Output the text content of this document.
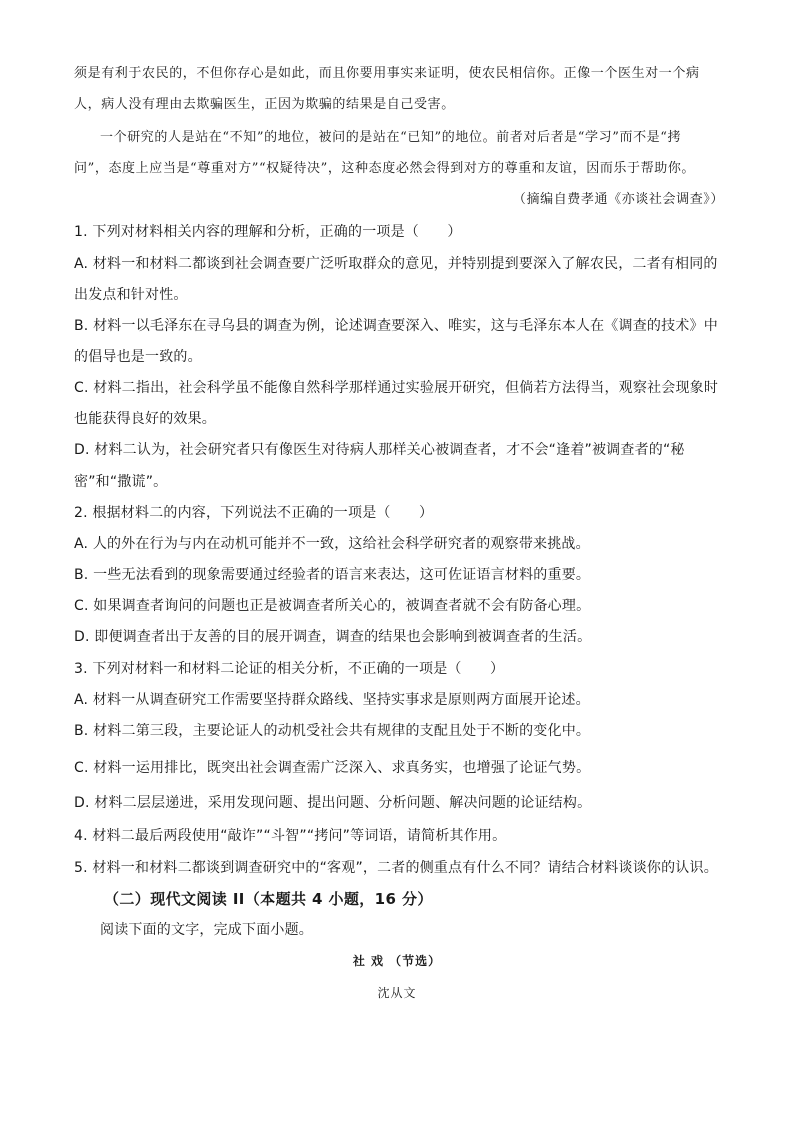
须是有利于农民的，不但你存心是如此，而且你要用事实来证明，使农民相信你。正像一个医生对一个病
人，病人没有理由去欺骗医生，正因为欺骗的结果是自己受害。
一个研究的人是站在“不知”的地位，被问的是站在“已知”的地位。前者对后者是“学习”而不是“拷
问”，态度上应当是“尊重对方”“权疑待决”，这种态度必然会得到对方的尊重和友谊，因而乐于帮助你。
（摘编自费孝通《亦谈社会调查》）
1. 下列对材料相关内容的理解和分析，正确的一项是（　　）
A. 材料一和材料二都谈到社会调查要广泛听取群众的意见，并特别提到要深入了解农民，二者有相同的
出发点和针对性。
B. 材料一以毛泽东在寻乌县的调查为例，论述调查要深入、唯实，这与毛泽东本人在《调查的技术》中
的倡导也是一致的。
C. 材料二指出，社会科学虽不能像自然科学那样通过实验展开研究，但倘若方法得当，观察社会现象时
也能获得良好的效果。
D. 材料二认为，社会研究者只有像医生对待病人那样关心被调查者，才不会“逢着”被调查者的“秘
密”和“撒谎”。
2. 根据材料二的内容，下列说法不正确的一项是（　　）
A. 人的外在行为与内在动机可能并不一致，这给社会科学研究者的观察带来挑战。
B. 一些无法看到的现象需要通过经验者的语言来表达，这可佐证语言材料的重要。
C. 如果调查者询问的问题也正是被调查者所关心的，被调查者就不会有防备心理。
D. 即便调查者出于友善的目的展开调查，调查的结果也会影响到被调查者的生活。
3. 下列对材料一和材料二论证的相关分析，不正确的一项是（　　）
A. 材料一从调查研究工作需要坚持群众路线、坚持实事求是原则两方面展开论述。
B. 材料二第三段，主要论证人的动机受社会共有规律的支配且处于不断的变化中。
C. 材料一运用排比，既突出社会调查需广泛深入、求真务实，也增强了论证气势。
D. 材料二层层递进，采用发现问题、提出问题、分析问题、解决问题的论证结构。
4. 材料二最后两段使用“敲诈”“斗智”“拷问”等词语，请简析其作用。
5. 材料一和材料二都谈到调查研究中的“客观”，二者的侧重点有什么不同？请结合材料谈谈你的认识。
（二）现代文阅读 II（本题共 4 小题，16 分）
阅读下面的文字，完成下面小题。
社 戏 （节选）
沈从文
